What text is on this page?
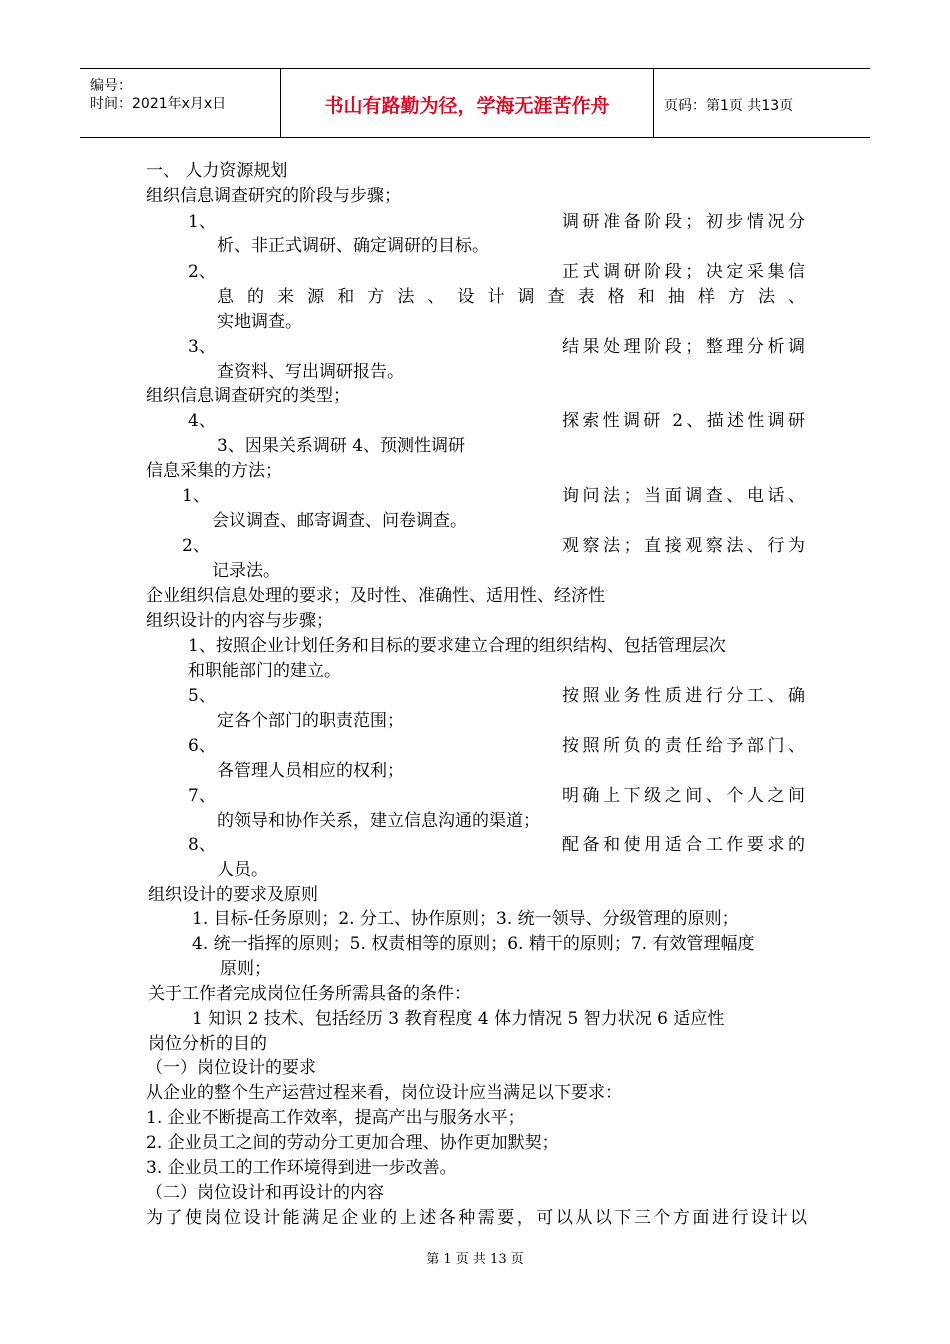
编号：
时间：2021年x月x日	书山有路勤为径，学海无涯苦作舟	页码：第1页 共13页
一、 人力资源规划
组织信息调查研究的阶段与步骤；
1、	调研准备阶段；初步情况分
析、非正式调研、确定调研的目标。
2、	正式调研阶段；决定采集信
息的来源和方法、设计调查表格和抽样方法、
实地调查。
3、	结果处理阶段；整理分析调
查资料、写出调研报告。
组织信息调查研究的类型；
4、	探索性调研 2、描述性调研
3、因果关系调研 4、预测性调研
信息采集的方法；
1、	询问法；当面调查、电话、
会议调查、邮寄调查、问卷调查。
2、	观察法；直接观察法、行为
记录法。
企业组织信息处理的要求；及时性、准确性、适用性、经济性
组织设计的内容与步骤；
1、按照企业计划任务和目标的要求建立合理的组织结构、包括管理层次
和职能部门的建立。
5、	按照业务性质进行分工、确
定各个部门的职责范围；
6、	按照所负的责任给予部门、
各管理人员相应的权利；
7、	明确上下级之间、个人之间
的领导和协作关系，建立信息沟通的渠道；
8、	配备和使用适合工作要求的
人员。
组织设计的要求及原则
1. 目标-任务原则；2. 分工、协作原则；3. 统一领导、分级管理的原则；
4. 统一指挥的原则；5. 权责相等的原则；6. 精干的原则；7. 有效管理幅度
原则；
关于工作者完成岗位任务所需具备的条件：
1 知识 2 技术、包括经历 3 教育程度 4 体力情况 5 智力状况 6 适应性
岗位分析的目的
（一）岗位设计的要求
从企业的整个生产运营过程来看，岗位设计应当满足以下要求：
1. 企业不断提高工作效率，提高产出与服务水平；
2. 企业员工之间的劳动分工更加合理、协作更加默契；
3. 企业员工的工作环境得到进一步改善。
（二）岗位设计和再设计的内容
为了使岗位设计能满足企业的上述各种需要，可以从以下三个方面进行设计以
第 1 页 共 13 页
